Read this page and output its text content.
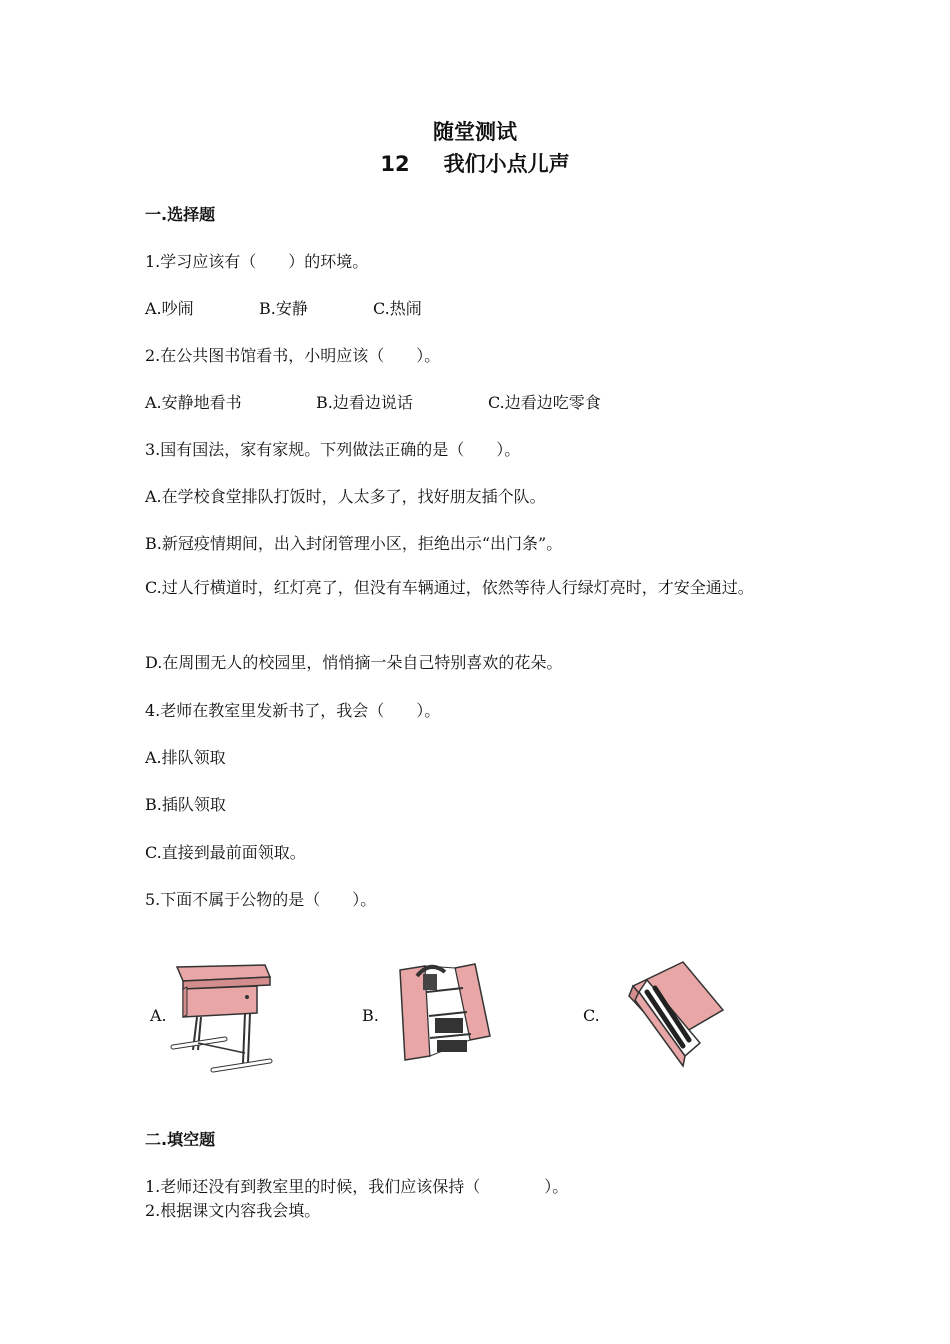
随堂测试
12 我们小点儿声
一.选择题
1.学习应该有（　　）的环境。
A.吵闹	B.安静	C.热闹
2.在公共图书馆看书，小明应该（　　）。
A.安静地看书	B.边看边说话	C.边看边吃零食
3.国有国法，家有家规。下列做法正确的是（　　）。
A.在学校食堂排队打饭时，人太多了，找好朋友插个队。
B.新冠疫情期间，出入封闭管理小区，拒绝出示“出门条”。
C.过人行横道时，红灯亮了，但没有车辆通过，依然等待人行绿灯亮时，才安全通过。
D.在周围无人的校园里，悄悄摘一朵自己特别喜欢的花朵。
4.老师在教室里发新书了，我会（　　）。
A.排队领取
B.插队领取
C.直接到最前面领取。
5.下面不属于公物的是（　　）。
A.	B.	C.
二.填空题
1.老师还没有到教室里的时候，我们应该保持（　　　　）。
2.根据课文内容我会填。
